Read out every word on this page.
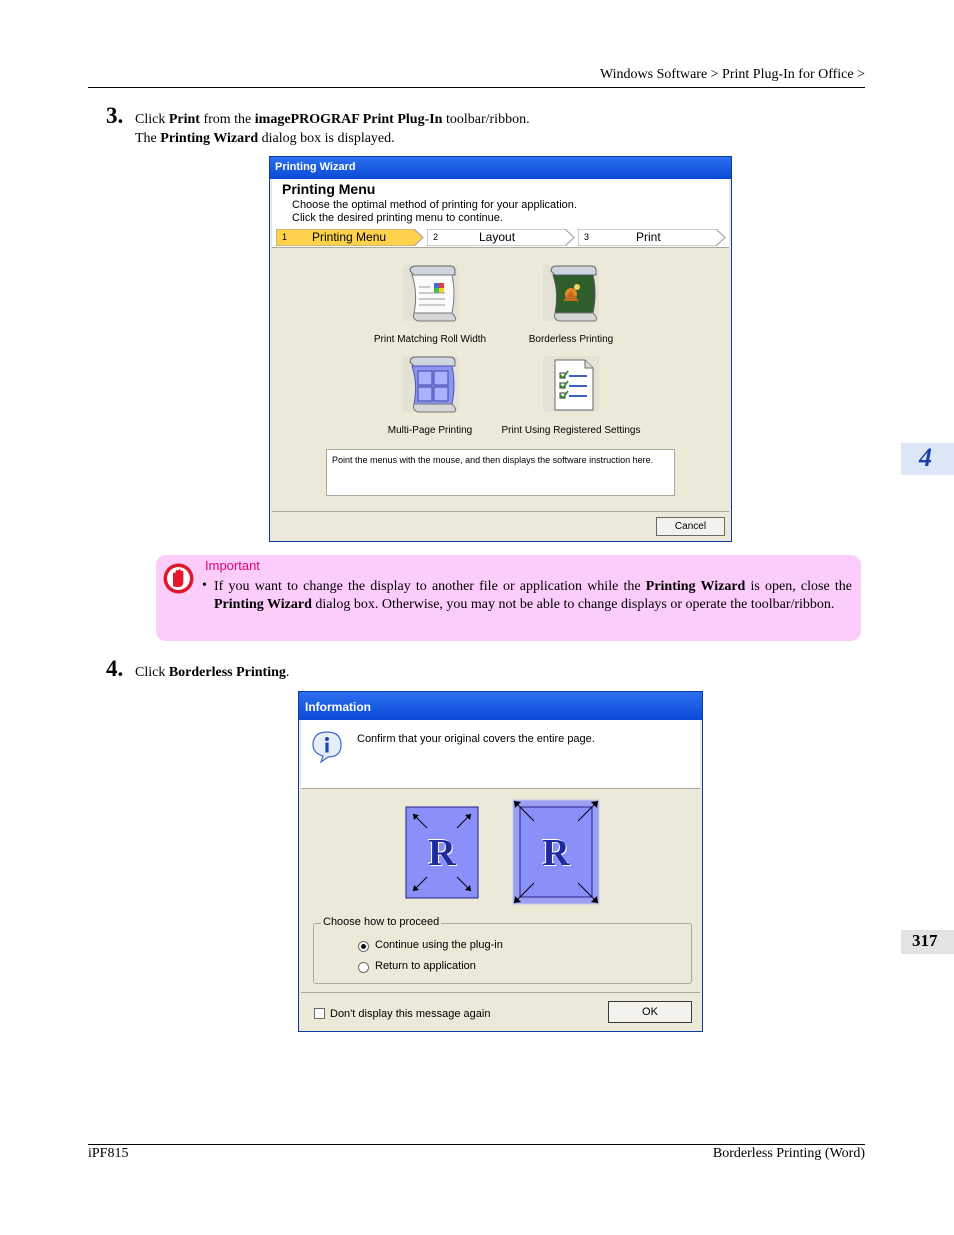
Windows Software > Print Plug-In for Office >
4
317
3. Click Print from the imagePROGRAF Print Plug-In toolbar/ribbon.
The Printing Wizard dialog box is displayed.
Printing Wizard
Printing Menu
Choose the optimal method of printing for your application.
Click the desired printing menu to continue.
1 Printing Menu	2	Layout	3	Print
Print Matching Roll Width	Borderless Printing
Multi-Page Printing	Print Using Registered Settings
Point the menus with the mouse, and then displays the software instruction here.
Cancel
Important
• If you want to change the display to another file or application while the Printing Wizard is open, close the Printing Wizard dialog box. Otherwise, you may not be able to change displays or operate the toolbar/ribbon.
4. Click Borderless Printing.
Information
Confirm that your original covers the entire page.
R	R
Choose how to proceed
Continue using the plug-in
Return to application
Don't display this message again	OK
iPF815	Borderless Printing (Word)
